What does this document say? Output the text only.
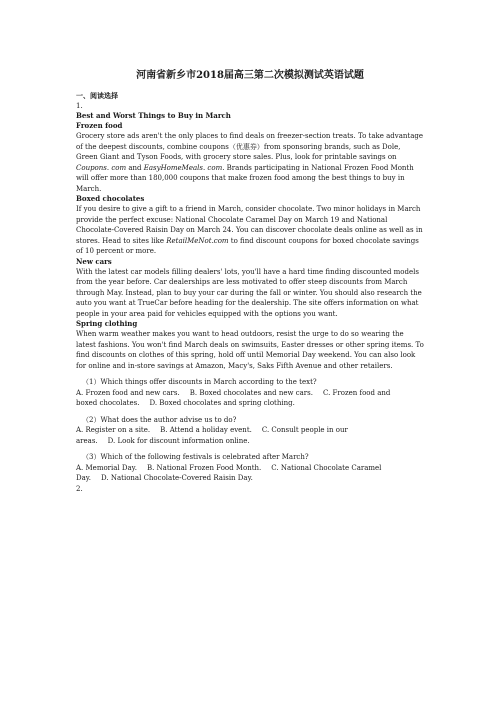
河南省新乡市2018届高三第二次模拟测试英语试题

一、阅读选择

1.

Best and Worst Things to Buy in March

Frozen food

Grocery store ads aren't the only places to find deals on freezer-section treats. To take advantage of the deepest discounts, combine coupons（优惠券）from sponsoring brands, such as Dole, Green Giant and Tyson Foods, with grocery store sales. Plus, look for printable savings on Coupons. com and EasyHomeMeals. com. Brands participating in National Frozen Food Month will offer more than 180,000 coupons that make frozen food among the best things to buy in March.

Boxed chocolates

If you desire to give a gift to a friend in March, consider chocolate. Two minor holidays in March provide the perfect excuse: National Chocolate Caramel Day on March 19 and National Chocolate-Covered Raisin Day on March 24. You can discover chocolate deals online as well as in stores. Head to sites like RetailMeNot.com to find discount coupons for boxed chocolate savings of 10 percent or more.

New cars

With the latest car models filling dealers' lots, you'll have a hard time finding discounted models from the year before. Car dealerships are less motivated to offer steep discounts from March through May. Instead, plan to buy your car during the fall or winter. You should also research the auto you want at TrueCar before heading for the dealership. The site offers information on what people in your area paid for vehicles equipped with the options you want.

Spring clothing

When warm weather makes you want to head outdoors, resist the urge to do so wearing the latest fashions. You won't find March deals on swimsuits, Easter dresses or other spring items. To find discounts on clothes of this spring, hold off until Memorial Day weekend. You can also look for online and in-store savings at Amazon, Macy's, Saks Fifth Avenue and other retailers.

（1）Which things offer discounts in March according to the text?

A. Frozen food and new cars. B. Boxed chocolates and new cars. C. Frozen food and

boxed chocolates. D. Boxed chocolates and spring clothing.

（2）What does the author advise us to do?

A. Register on a site. B. Attend a holiday event. C. Consult people in our

areas. D. Look for discount information online.

（3）Which of the following festivals is celebrated after March?

A. Memorial Day. B. National Frozen Food Month. C. National Chocolate Caramel

Day. D. National Chocolate-Covered Raisin Day.

2.
